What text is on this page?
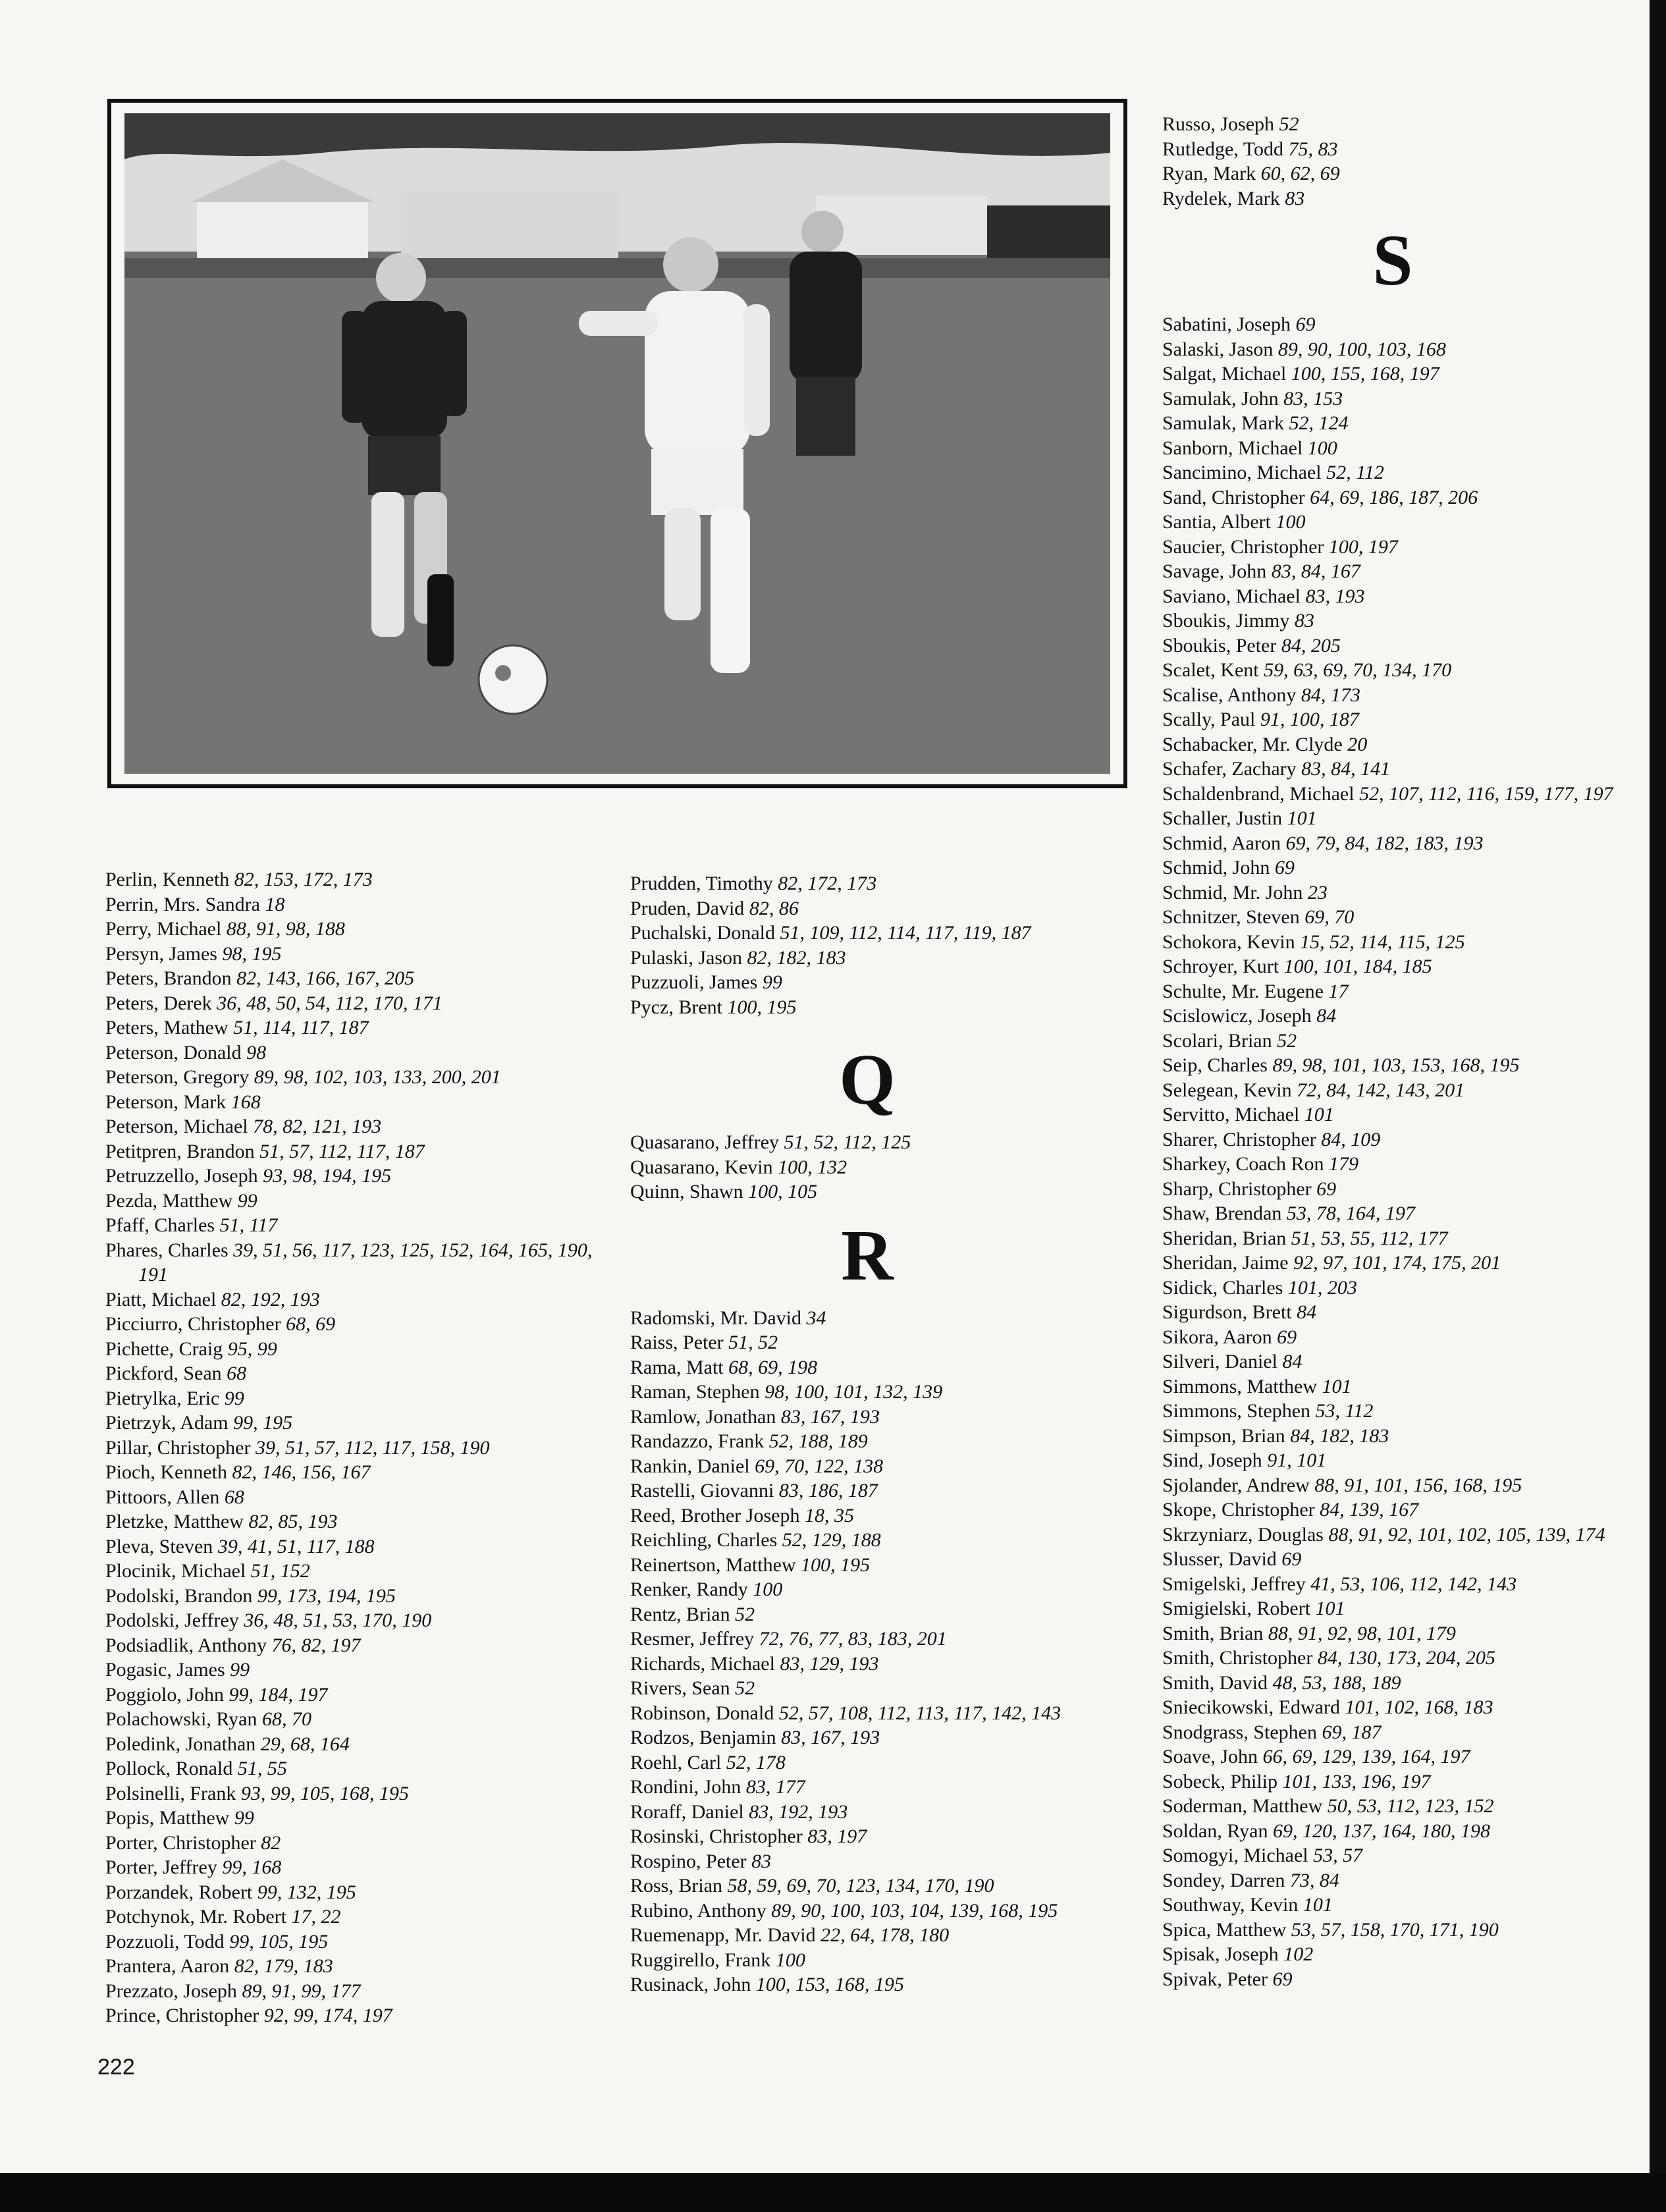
Perlin, Kenneth 82, 153, 172, 173
Perrin, Mrs. Sandra 18
Perry, Michael 88, 91, 98, 188
Persyn, James 98, 195
Peters, Brandon 82, 143, 166, 167, 205
Peters, Derek 36, 48, 50, 54, 112, 170, 171
Peters, Mathew 51, 114, 117, 187
Peterson, Donald 98
Peterson, Gregory 89, 98, 102, 103, 133, 200, 201
Peterson, Mark 168
Peterson, Michael 78, 82, 121, 193
Petitpren, Brandon 51, 57, 112, 117, 187
Petruzzello, Joseph 93, 98, 194, 195
Pezda, Matthew 99
Pfaff, Charles 51, 117
Phares, Charles 39, 51, 56, 117, 123, 125, 152, 164, 165, 190, 191
Piatt, Michael 82, 192, 193
Picciurro, Christopher 68, 69
Pichette, Craig 95, 99
Pickford, Sean 68
Pietrylka, Eric 99
Pietrzyk, Adam 99, 195
Pillar, Christopher 39, 51, 57, 112, 117, 158, 190
Pioch, Kenneth 82, 146, 156, 167
Pittoors, Allen 68
Pletzke, Matthew 82, 85, 193
Pleva, Steven 39, 41, 51, 117, 188
Plocinik, Michael 51, 152
Podolski, Brandon 99, 173, 194, 195
Podolski, Jeffrey 36, 48, 51, 53, 170, 190
Podsiadlik, Anthony 76, 82, 197
Pogasic, James 99
Poggiolo, John 99, 184, 197
Polachowski, Ryan 68, 70
Poledink, Jonathan 29, 68, 164
Pollock, Ronald 51, 55
Polsinelli, Frank 93, 99, 105, 168, 195
Popis, Matthew 99
Porter, Christopher 82
Porter, Jeffrey 99, 168
Porzandek, Robert 99, 132, 195
Potchynok, Mr. Robert 17, 22
Pozzuoli, Todd 99, 105, 195
Prantera, Aaron 82, 179, 183
Prezzato, Joseph 89, 91, 99, 177
Prince, Christopher 92, 99, 174, 197
Prudden, Timothy 82, 172, 173
Pruden, David 82, 86
Puchalski, Donald 51, 109, 112, 114, 117, 119, 187
Pulaski, Jason 82, 182, 183
Puzzuoli, James 99
Pycz, Brent 100, 195
Q
Quasarano, Jeffrey 51, 52, 112, 125
Quasarano, Kevin 100, 132
Quinn, Shawn 100, 105
R
Radomski, Mr. David 34
Raiss, Peter 51, 52
Rama, Matt 68, 69, 198
Raman, Stephen 98, 100, 101, 132, 139
Ramlow, Jonathan 83, 167, 193
Randazzo, Frank 52, 188, 189
Rankin, Daniel 69, 70, 122, 138
Rastelli, Giovanni 83, 186, 187
Reed, Brother Joseph 18, 35
Reichling, Charles 52, 129, 188
Reinertson, Matthew 100, 195
Renker, Randy 100
Rentz, Brian 52
Resmer, Jeffrey 72, 76, 77, 83, 183, 201
Richards, Michael 83, 129, 193
Rivers, Sean 52
Robinson, Donald 52, 57, 108, 112, 113, 117, 142, 143
Rodzos, Benjamin 83, 167, 193
Roehl, Carl 52, 178
Rondini, John 83, 177
Roraff, Daniel 83, 192, 193
Rosinski, Christopher 83, 197
Rospino, Peter 83
Ross, Brian 58, 59, 69, 70, 123, 134, 170, 190
Rubino, Anthony 89, 90, 100, 103, 104, 139, 168, 195
Ruemenapp, Mr. David 22, 64, 178, 180
Ruggirello, Frank 100
Rusinack, John 100, 153, 168, 195
Russo, Joseph 52
Rutledge, Todd 75, 83
Ryan, Mark 60, 62, 69
Rydelek, Mark 83
S
Sabatini, Joseph 69
Salaski, Jason 89, 90, 100, 103, 168
Salgat, Michael 100, 155, 168, 197
Samulak, John 83, 153
Samulak, Mark 52, 124
Sanborn, Michael 100
Sancimino, Michael 52, 112
Sand, Christopher 64, 69, 186, 187, 206
Santia, Albert 100
Saucier, Christopher 100, 197
Savage, John 83, 84, 167
Saviano, Michael 83, 193
Sboukis, Jimmy 83
Sboukis, Peter 84, 205
Scalet, Kent 59, 63, 69, 70, 134, 170
Scalise, Anthony 84, 173
Scally, Paul 91, 100, 187
Schabacker, Mr. Clyde 20
Schafer, Zachary 83, 84, 141
Schaldenbrand, Michael 52, 107, 112, 116, 159, 177, 197
Schaller, Justin 101
Schmid, Aaron 69, 79, 84, 182, 183, 193
Schmid, John 69
Schmid, Mr. John 23
Schnitzer, Steven 69, 70
Schokora, Kevin 15, 52, 114, 115, 125
Schroyer, Kurt 100, 101, 184, 185
Schulte, Mr. Eugene 17
Scislowicz, Joseph 84
Scolari, Brian 52
Seip, Charles 89, 98, 101, 103, 153, 168, 195
Selegean, Kevin 72, 84, 142, 143, 201
Servitto, Michael 101
Sharer, Christopher 84, 109
Sharkey, Coach Ron 179
Sharp, Christopher 69
Shaw, Brendan 53, 78, 164, 197
Sheridan, Brian 51, 53, 55, 112, 177
Sheridan, Jaime 92, 97, 101, 174, 175, 201
Sidick, Charles 101, 203
Sigurdson, Brett 84
Sikora, Aaron 69
Silveri, Daniel 84
Simmons, Matthew 101
Simmons, Stephen 53, 112
Simpson, Brian 84, 182, 183
Sind, Joseph 91, 101
Sjolander, Andrew 88, 91, 101, 156, 168, 195
Skope, Christopher 84, 139, 167
Skrzyniarz, Douglas 88, 91, 92, 101, 102, 105, 139, 174
Slusser, David 69
Smigelski, Jeffrey 41, 53, 106, 112, 142, 143
Smigielski, Robert 101
Smith, Brian 88, 91, 92, 98, 101, 179
Smith, Christopher 84, 130, 173, 204, 205
Smith, David 48, 53, 188, 189
Sniecikowski, Edward 101, 102, 168, 183
Snodgrass, Stephen 69, 187
Soave, John 66, 69, 129, 139, 164, 197
Sobeck, Philip 101, 133, 196, 197
Soderman, Matthew 50, 53, 112, 123, 152
Soldan, Ryan 69, 120, 137, 164, 180, 198
Somogyi, Michael 53, 57
Sondey, Darren 73, 84
Southway, Kevin 101
Spica, Matthew 53, 57, 158, 170, 171, 190
Spisak, Joseph 102
Spivak, Peter 69
222
